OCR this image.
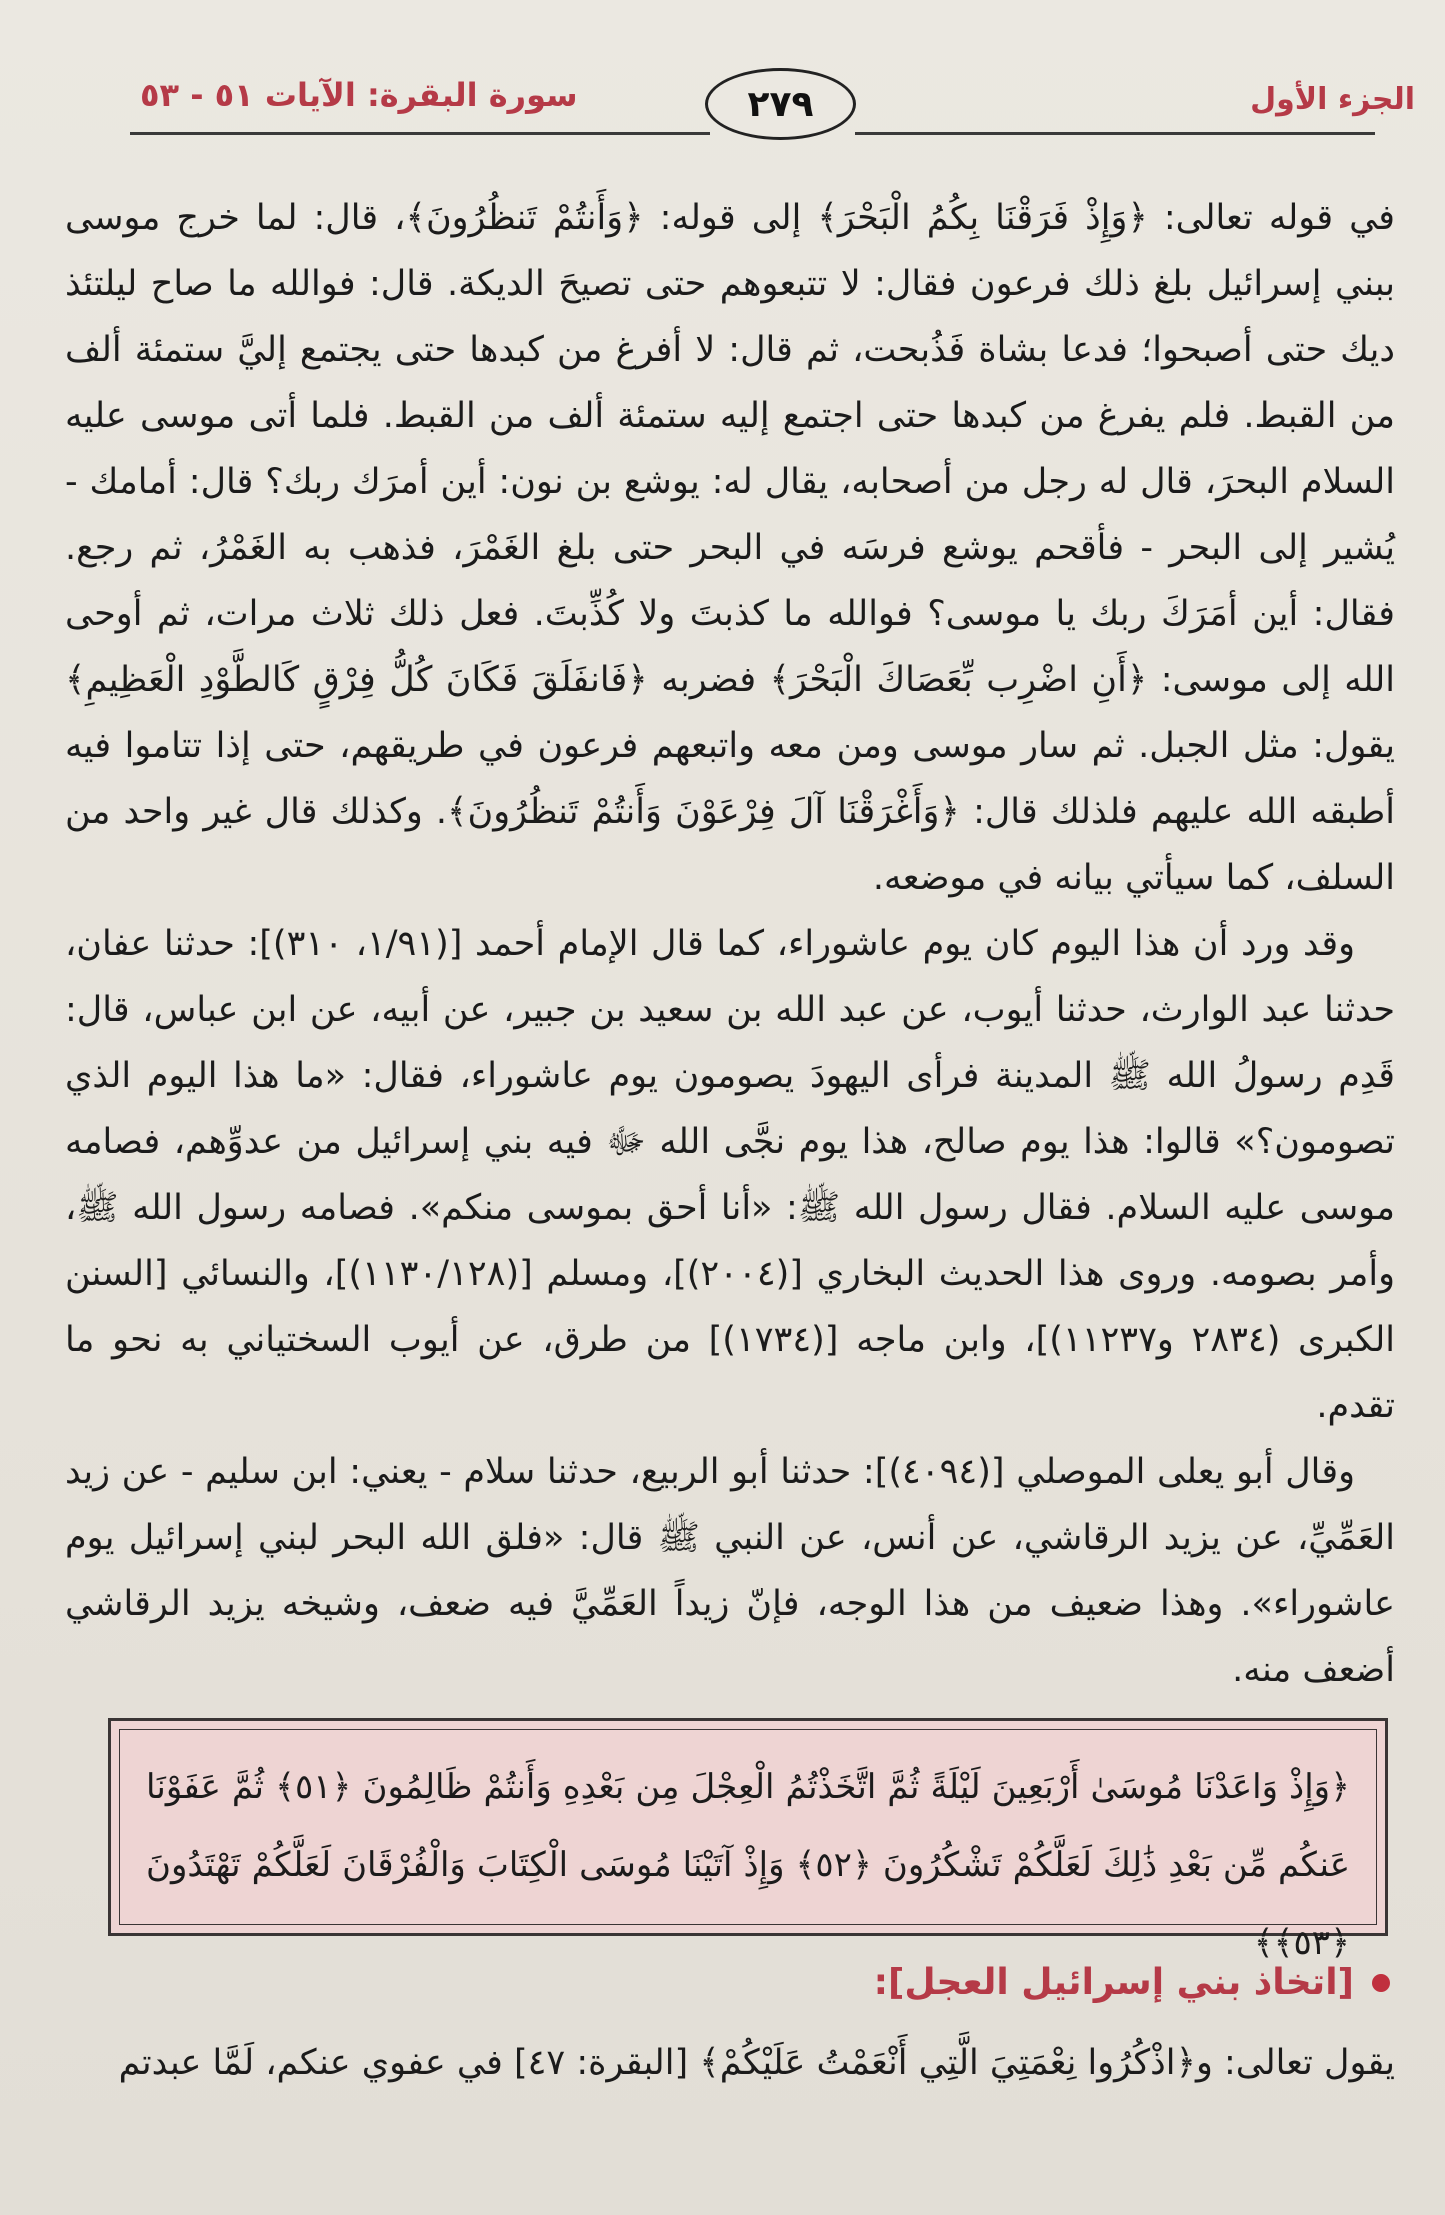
الجزء الأول
٢٧٩
سورة البقرة: الآيات ٥١ - ٥٣

في قوله تعالى: ﴿وَإِذْ فَرَقْنَا بِكُمُ الْبَحْرَ﴾ إلى قوله: ﴿وَأَنتُمْ تَنظُرُونَ﴾، قال: لما خرج موسى ببني إسرائيل بلغ ذلك فرعون فقال: لا تتبعوهم حتى تصيحَ الديكة. قال: فوالله ما صاح ليلتئذ ديك حتى أصبحوا؛ فدعا بشاة فَذُبحت، ثم قال: لا أفرغ من كبدها حتى يجتمع إليَّ ستمئة ألف من القبط. فلم يفرغ من كبدها حتى اجتمع إليه ستمئة ألف من القبط. فلما أتى موسى عليه السلام البحرَ، قال له رجل من أصحابه، يقال له: يوشع بن نون: أين أمرَك ربك؟ قال: أمامك - يُشير إلى البحر - فأقحم يوشع فرسَه في البحر حتى بلغ الغَمْرَ، فذهب به الغَمْرُ، ثم رجع. فقال: أين أمَرَكَ ربك يا موسى؟ فوالله ما كذبتَ ولا كُذِّبتَ. فعل ذلك ثلاث مرات، ثم أوحى الله إلى موسى: ﴿أَنِ اضْرِب بِّعَصَاكَ الْبَحْرَ﴾ فضربه ﴿فَانفَلَقَ فَكَانَ كُلُّ فِرْقٍ كَالطَّوْدِ الْعَظِيمِ﴾ يقول: مثل الجبل. ثم سار موسى ومن معه واتبعهم فرعون في طريقهم، حتى إذا تتاموا فيه أطبقه الله عليهم فلذلك قال: ﴿وَأَغْرَقْنَا آلَ فِرْعَوْنَ وَأَنتُمْ تَنظُرُونَ﴾. وكذلك قال غير واحد من السلف، كما سيأتي بيانه في موضعه.

وقد ورد أن هذا اليوم كان يوم عاشوراء، كما قال الإمام أحمد [(١/٩١، ٣١٠)]: حدثنا عفان، حدثنا عبد الوارث، حدثنا أيوب، عن عبد الله بن سعيد بن جبير، عن أبيه، عن ابن عباس، قال: قَدِم رسولُ الله ﷺ المدينة فرأى اليهودَ يصومون يوم عاشوراء، فقال: «ما هذا اليوم الذي تصومون؟» قالوا: هذا يوم صالح، هذا يوم نجَّى الله ﷻ فيه بني إسرائيل من عدوِّهم، فصامه موسى عليه السلام. فقال رسول الله ﷺ: «أنا أحق بموسى منكم». فصامه رسول الله ﷺ، وأمر بصومه. وروى هذا الحديث البخاري [(٢٠٠٤)]، ومسلم [(١١٣٠/١٢٨)]، والنسائي [السنن الكبرى (٢٨٣٤ و١١٢٣٧)]، وابن ماجه [(١٧٣٤)] من طرق، عن أيوب السختياني به نحو ما تقدم.

وقال أبو يعلى الموصلي [(٤٠٩٤)]: حدثنا أبو الربيع، حدثنا سلام - يعني: ابن سليم - عن زيد العَمِّيِّ، عن يزيد الرقاشي، عن أنس، عن النبي ﷺ قال: «فلق الله البحر لبني إسرائيل يوم عاشوراء». وهذا ضعيف من هذا الوجه، فإنّ زيداً العَمِّيَّ فيه ضعف، وشيخه يزيد الرقاشي أضعف منه.

﴿وَإِذْ وَاعَدْنَا مُوسَىٰ أَرْبَعِينَ لَيْلَةً ثُمَّ اتَّخَذْتُمُ الْعِجْلَ مِن بَعْدِهِ وَأَنتُمْ ظَالِمُونَ ﴿٥١﴾ ثُمَّ عَفَوْنَا عَنكُم مِّن بَعْدِ ذَٰلِكَ لَعَلَّكُمْ تَشْكُرُونَ ﴿٥٢﴾ وَإِذْ آتَيْنَا مُوسَى الْكِتَابَ وَالْفُرْقَانَ لَعَلَّكُمْ تَهْتَدُونَ ﴿٥٣﴾﴾
[اتخاذ بني إسرائيل العجل]:
يقول تعالى: و﴿اذْكُرُوا نِعْمَتِيَ الَّتِي أَنْعَمْتُ عَلَيْكُمْ﴾ [البقرة: ٤٧] في عفوي عنكم، لَمَّا عبدتم
